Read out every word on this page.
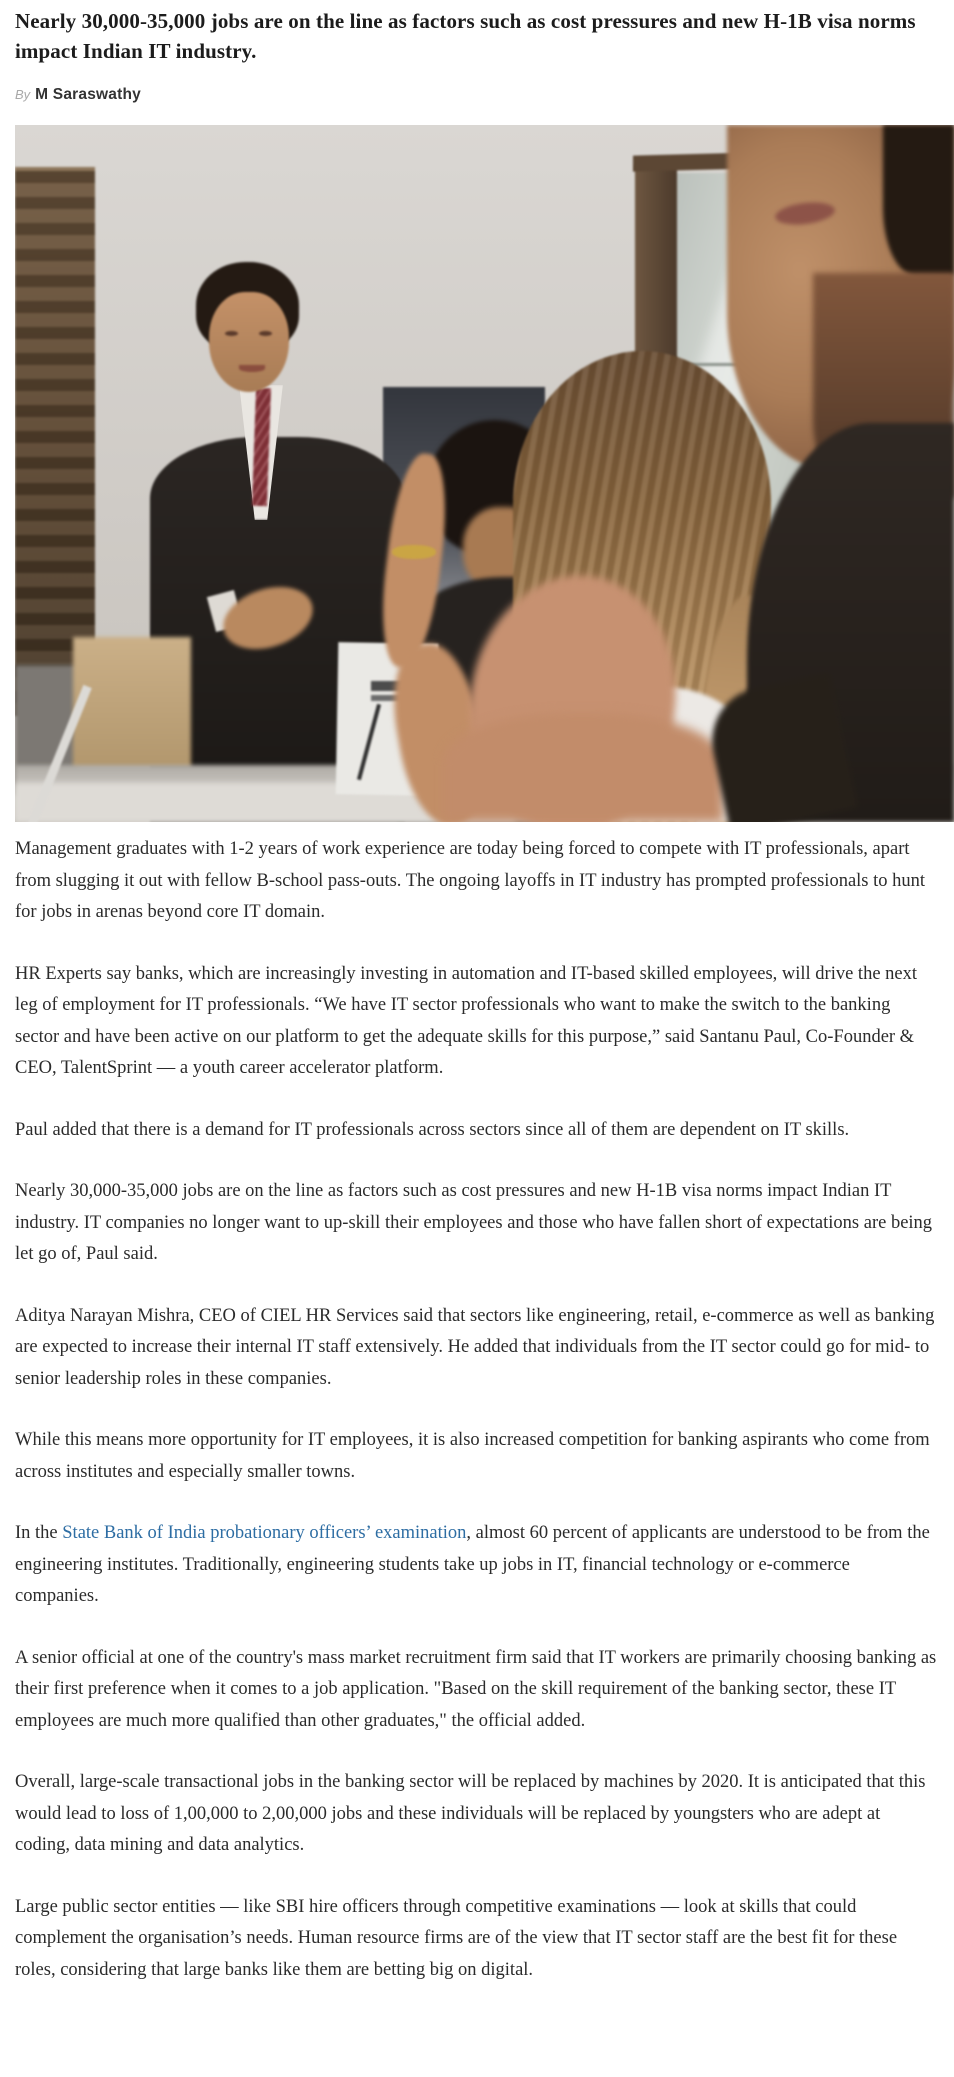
Nearly 30,000-35,000 jobs are on the line as factors such as cost pressures and new H-1B visa norms impact Indian IT industry.
By M Saraswathy

Management graduates with 1-2 years of work experience are today being forced to compete with IT professionals, apart from slugging it out with fellow B-school pass-outs. The ongoing layoffs in IT industry has prompted professionals to hunt for jobs in arenas beyond core IT domain.

HR Experts say banks, which are increasingly investing in automation and IT-based skilled employees, will drive the next leg of employment for IT professionals. “We have IT sector professionals who want to make the switch to the banking sector and have been active on our platform to get the adequate skills for this purpose,” said Santanu Paul, Co-Founder & CEO, TalentSprint — a youth career accelerator platform.

Paul added that there is a demand for IT professionals across sectors since all of them are dependent on IT skills.

Nearly 30,000-35,000 jobs are on the line as factors such as cost pressures and new H-1B visa norms impact Indian IT industry. IT companies no longer want to up-skill their employees and those who have fallen short of expectations are being let go of, Paul said.

Aditya Narayan Mishra, CEO of CIEL HR Services said that sectors like engineering, retail, e-commerce as well as banking are expected to increase their internal IT staff extensively. He added that individuals from the IT sector could go for mid- to senior leadership roles in these companies.

While this means more opportunity for IT employees, it is also increased competition for banking aspirants who come from across institutes and especially smaller towns.

In the State Bank of India probationary officers’ examination, almost 60 percent of applicants are understood to be from the engineering institutes. Traditionally, engineering students take up jobs in IT, financial technology or e-commerce companies.

A senior official at one of the country's mass market recruitment firm said that IT workers are primarily choosing banking as their first preference when it comes to a job application. "Based on the skill requirement of the banking sector, these IT employees are much more qualified than other graduates," the official added.

Overall, large-scale transactional jobs in the banking sector will be replaced by machines by 2020. It is anticipated that this would lead to loss of 1,00,000 to 2,00,000 jobs and these individuals will be replaced by youngsters who are adept at coding, data mining and data analytics.

Large public sector entities — like SBI hire officers through competitive examinations — look at skills that could complement the organisation’s needs. Human resource firms are of the view that IT sector staff are the best fit for these roles, considering that large banks like them are betting big on digital.
